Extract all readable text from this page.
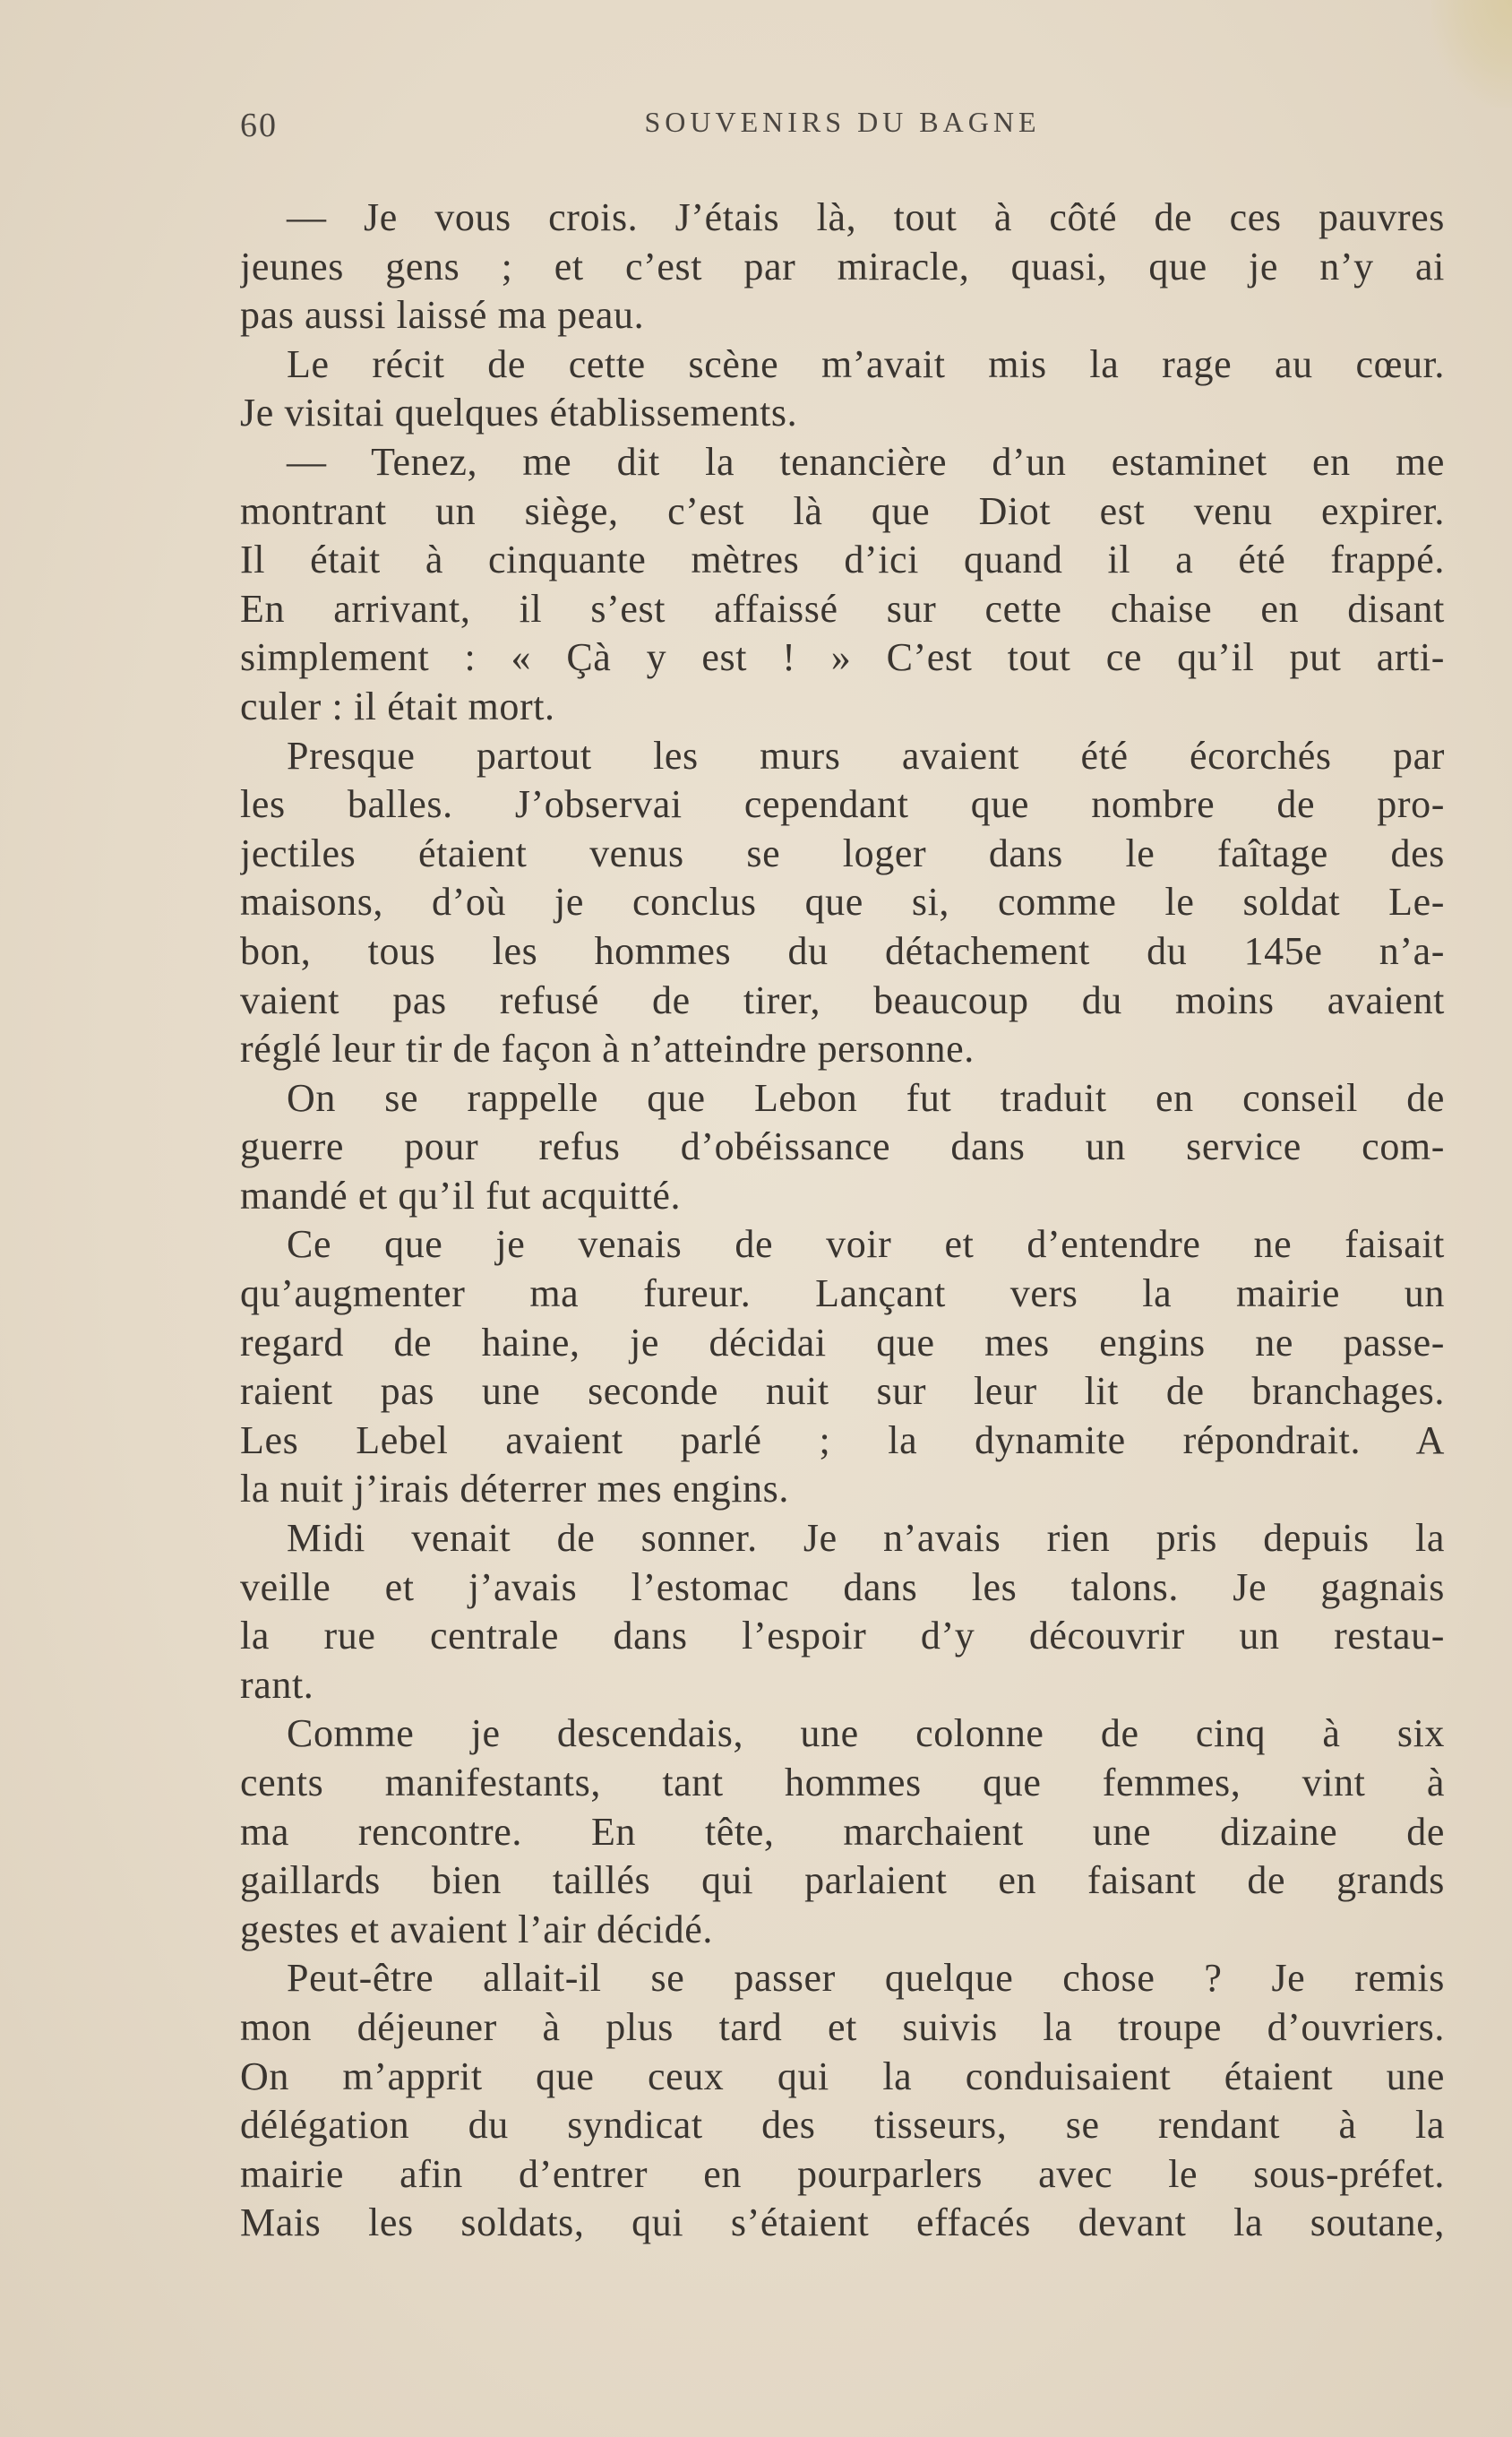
60	SOUVENIRS DU BAGNE
— Je vous crois. J’étais là, tout à côté de ces pauvres
jeunes gens ; et c’est par miracle, quasi, que je n’y ai
pas aussi laissé ma peau.
Le récit de cette scène m’avait mis la rage au cœur.
Je visitai quelques établissements.
— Tenez, me dit la tenancière d’un estaminet en me
montrant un siège, c’est là que Diot est venu expirer.
Il était à cinquante mètres d’ici quand il a été frappé.
En arrivant, il s’est affaissé sur cette chaise en disant
simplement : « Çà y est ! » C’est tout ce qu’il put arti-
culer : il était mort.
Presque partout les murs avaient été écorchés par
les balles. J’observai cependant que nombre de pro-
jectiles étaient venus se loger dans le faîtage des
maisons, d’où je conclus que si, comme le soldat Le-
bon, tous les hommes du détachement du 145e n’a-
vaient pas refusé de tirer, beaucoup du moins avaient
réglé leur tir de façon à n’atteindre personne.
On se rappelle que Lebon fut traduit en conseil de
guerre pour refus d’obéissance dans un service com-
mandé et qu’il fut acquitté.
Ce que je venais de voir et d’entendre ne faisait
qu’augmenter ma fureur. Lançant vers la mairie un
regard de haine, je décidai que mes engins ne passe-
raient pas une seconde nuit sur leur lit de branchages.
Les Lebel avaient parlé ; la dynamite répondrait. A
la nuit j’irais déterrer mes engins.
Midi venait de sonner. Je n’avais rien pris depuis la
veille et j’avais l’estomac dans les talons. Je gagnais
la rue centrale dans l’espoir d’y découvrir un restau-
rant.
Comme je descendais, une colonne de cinq à six
cents manifestants, tant hommes que femmes, vint à
ma rencontre. En tête, marchaient une dizaine de
gaillards bien taillés qui parlaient en faisant de grands
gestes et avaient l’air décidé.
Peut-être allait-il se passer quelque chose ? Je remis
mon déjeuner à plus tard et suivis la troupe d’ouvriers.
On m’apprit que ceux qui la conduisaient étaient une
délégation du syndicat des tisseurs, se rendant à la
mairie afin d’entrer en pourparlers avec le sous-préfet.
Mais les soldats, qui s’étaient effacés devant la soutane,
